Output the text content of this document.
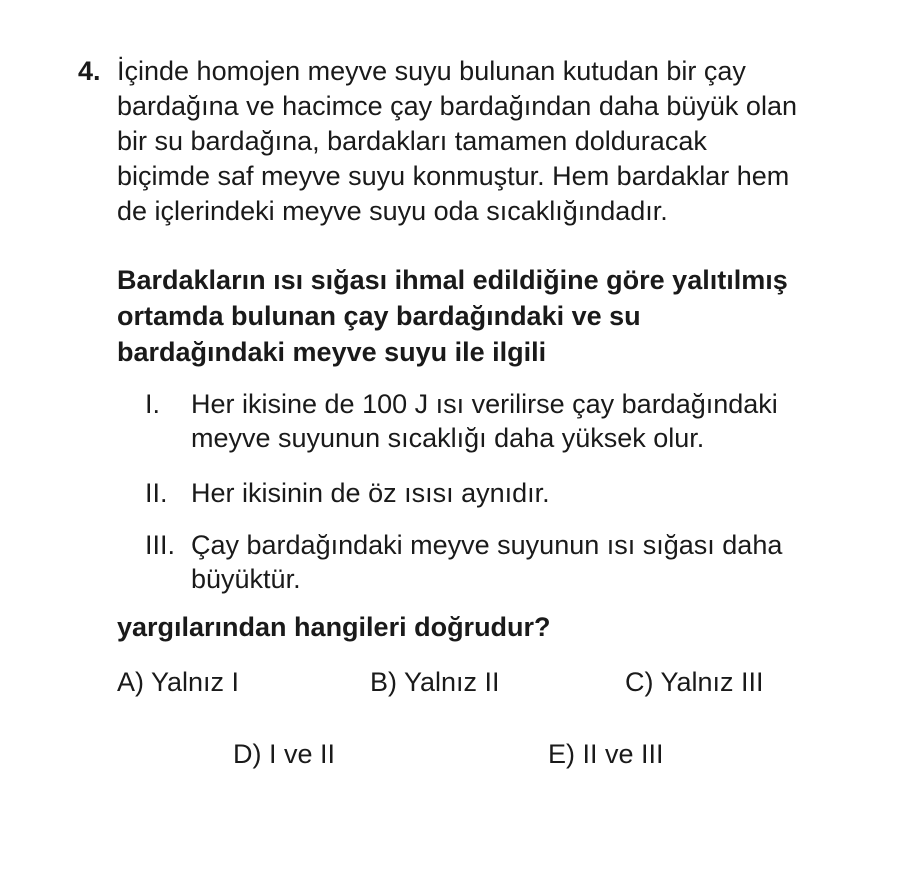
4. İçinde homojen meyve suyu bulunan kutudan bir çay
bardağına ve hacimce çay bardağından daha büyük olan
bir su bardağına, bardakları tamamen dolduracak
biçimde saf meyve suyu konmuştur. Hem bardaklar hem
de içlerindeki meyve suyu oda sıcaklığındadır.
Bardakların ısı sığası ihmal edildiğine göre yalıtılmış
ortamda bulunan çay bardağındaki ve su
bardağındaki meyve suyu ile ilgili
I.	Her ikisine de 100 J ısı verilirse çay bardağındaki
meyve suyunun sıcaklığı daha yüksek olur.
II. Her ikisinin de öz ısısı aynıdır.
III. Çay bardağındaki meyve suyunun ısı sığası daha
büyüktür.
yargılarından hangileri doğrudur?
A) Yalnız I	B) Yalnız II	C) Yalnız III
D) I ve II	E) II ve III
